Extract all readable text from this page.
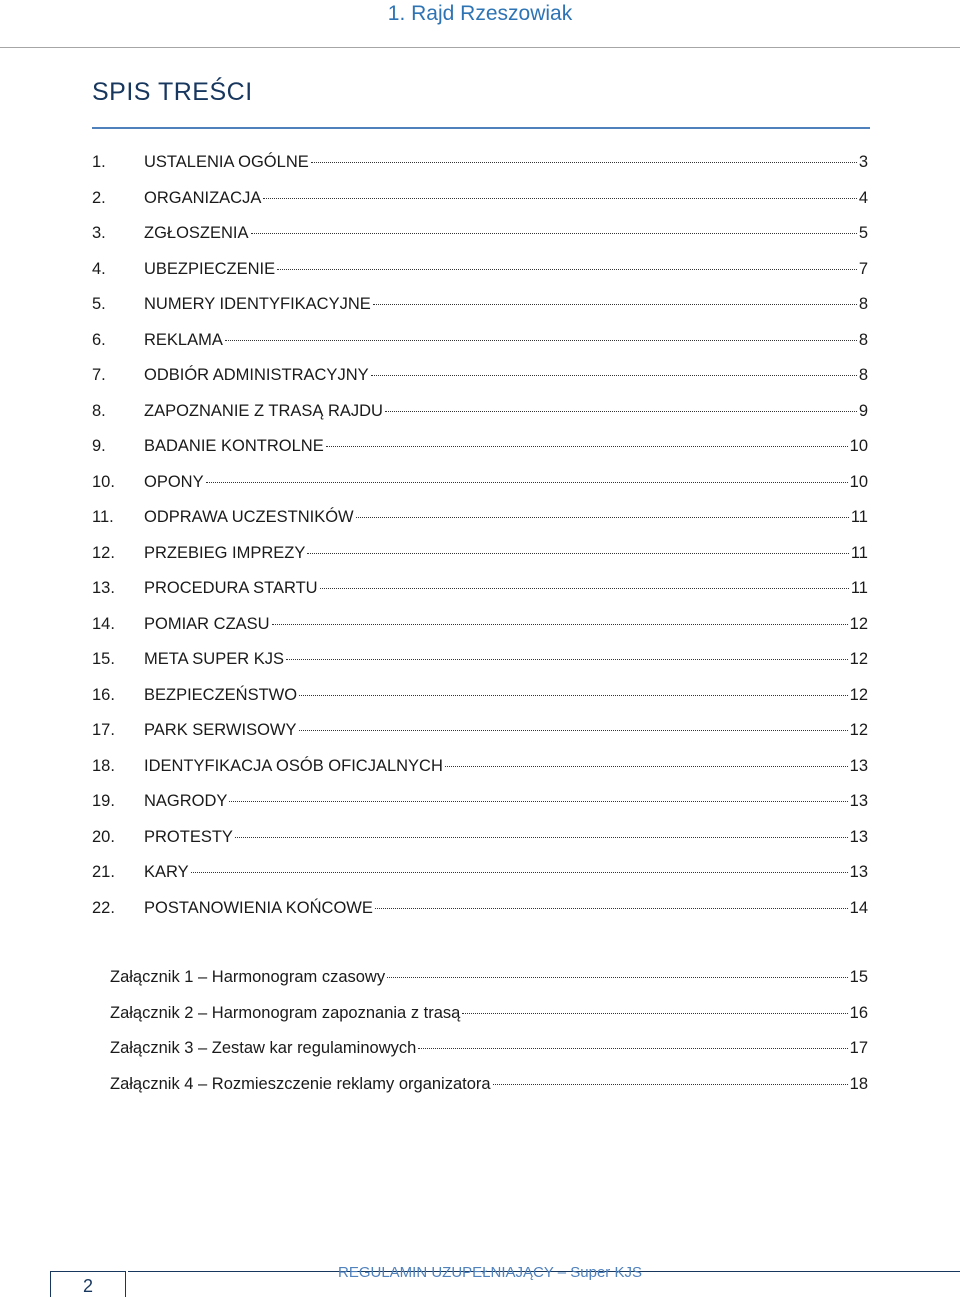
1. Rajd Rzeszowiak
SPIS TREŚCI
1.	USTALENIA OGÓLNE	3
2.	ORGANIZACJA	4
3.	ZGŁOSZENIA	5
4.	UBEZPIECZENIE	7
5.	NUMERY IDENTYFIKACYJNE	8
6.	REKLAMA	8
7.	ODBIÓR ADMINISTRACYJNY	8
8.	ZAPOZNANIE Z TRASĄ RAJDU	9
9.	BADANIE KONTROLNE	10
10.	OPONY	10
11.	ODPRAWA UCZESTNIKÓW	11
12.	PRZEBIEG IMPREZY	11
13.	PROCEDURA STARTU	11
14.	POMIAR CZASU	12
15.	META SUPER KJS	12
16.	BEZPIECZEŃSTWO	12
17.	PARK SERWISOWY	12
18.	IDENTYFIKACJA OSÓB OFICJALNYCH	13
19.	NAGRODY	13
20.	PROTESTY	13
21.	KARY	13
22.	POSTANOWIENIA KOŃCOWE	14
Załącznik 1 – Harmonogram czasowy	15
Załącznik 2 – Harmonogram zapoznania z trasą	16
Załącznik 3 – Zestaw kar regulaminowych	17
Załącznik 4 – Rozmieszczenie reklamy organizatora	18
2
REGULAMIN UZUPEŁNIAJĄCY – Super KJS
